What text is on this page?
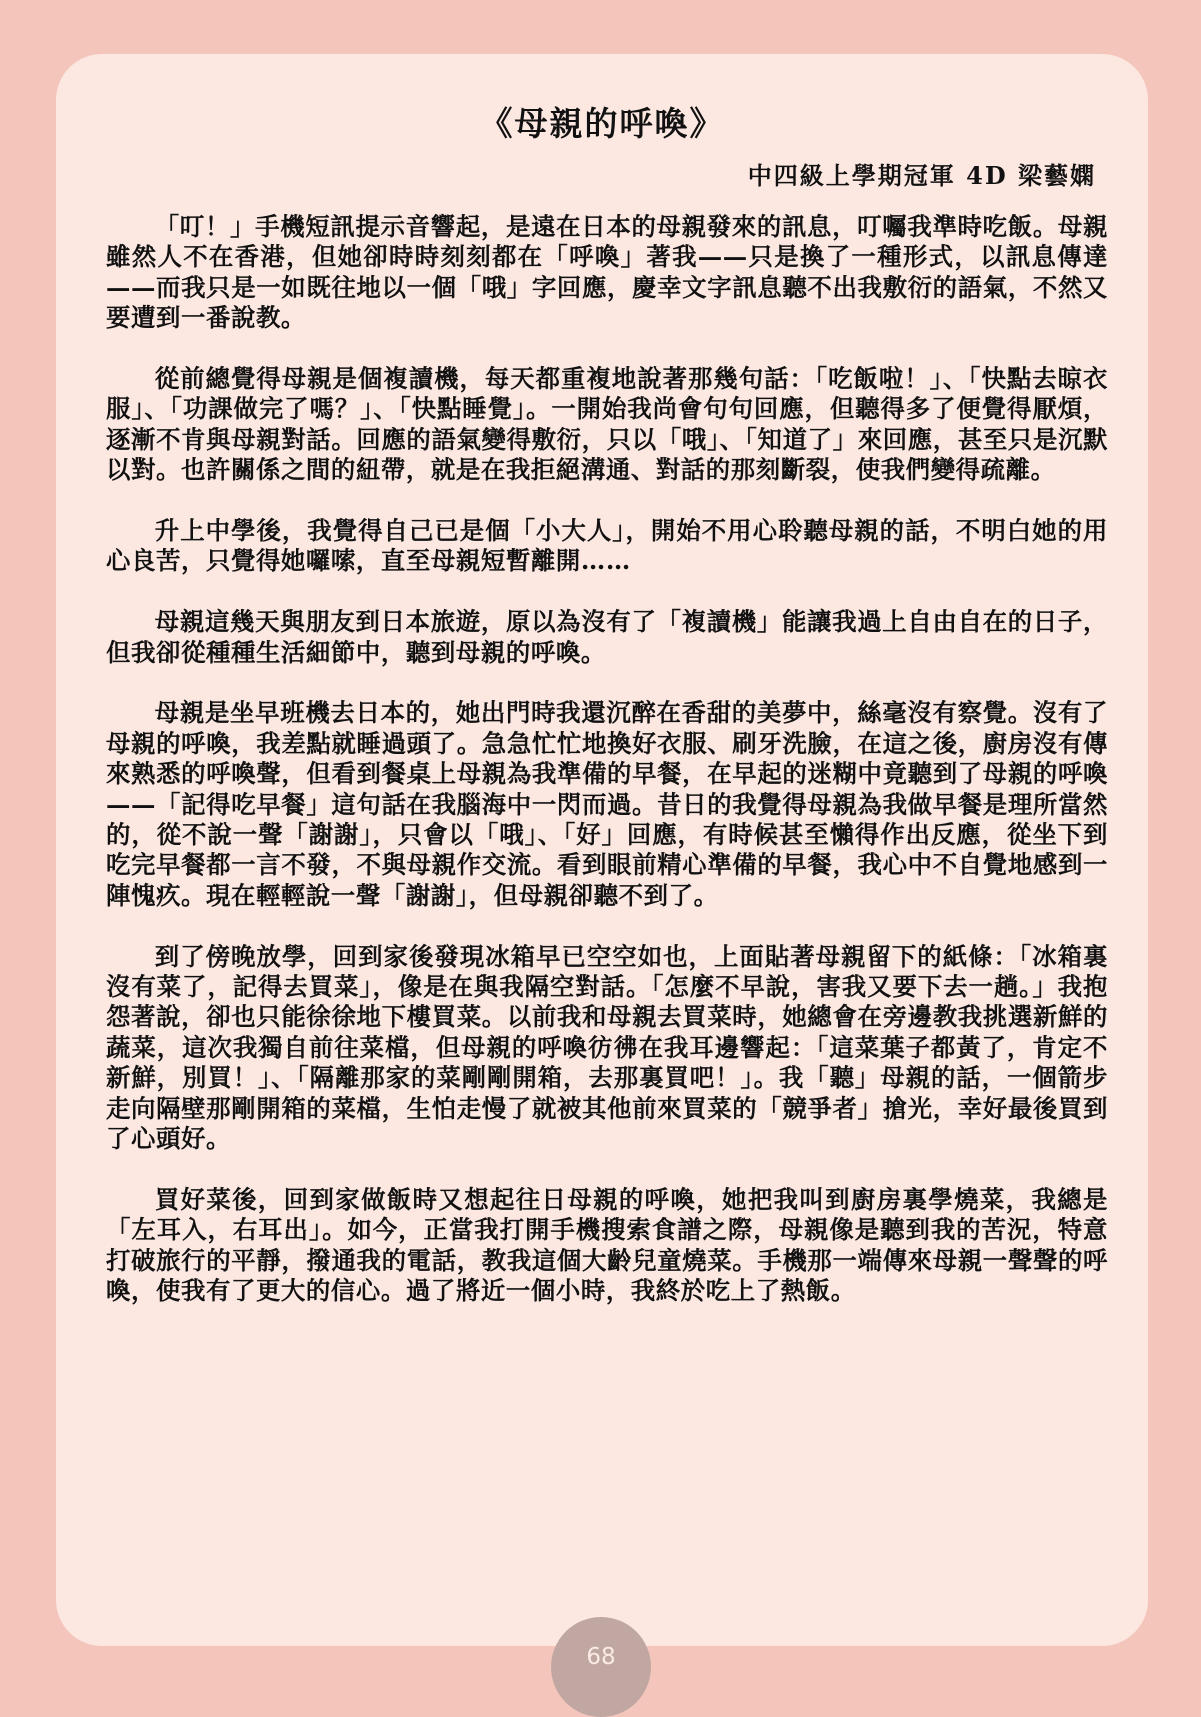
《母親的呼喚》
中四級上學期冠軍 4D 梁藝嫻

「叮！」手機短訊提示音響起，是遠在日本的母親發來的訊息，叮囑我準時吃飯。母親雖然人不在香港，但她卻時時刻刻都在「呼喚」著我——只是換了一種形式，以訊息傳達——而我只是一如既往地以一個「哦」字回應，慶幸文字訊息聽不出我敷衍的語氣，不然又要遭到一番說教。

從前總覺得母親是個複讀機，每天都重複地說著那幾句話：「吃飯啦！」、「快點去晾衣服」、「功課做完了嗎？」、「快點睡覺」。一開始我尚會句句回應，但聽得多了便覺得厭煩，逐漸不肯與母親對話。回應的語氣變得敷衍，只以「哦」、「知道了」來回應，甚至只是沉默以對。也許關係之間的紐帶，就是在我拒絕溝通、對話的那刻斷裂，使我們變得疏離。

升上中學後，我覺得自己已是個「小大人」，開始不用心聆聽母親的話，不明白她的用心良苦，只覺得她囉嗦，直至母親短暫離開……

母親這幾天與朋友到日本旅遊，原以為沒有了「複讀機」能讓我過上自由自在的日子，但我卻從種種生活細節中，聽到母親的呼喚。

母親是坐早班機去日本的，她出門時我還沉醉在香甜的美夢中，絲毫沒有察覺。沒有了母親的呼喚，我差點就睡過頭了。急急忙忙地換好衣服、刷牙洗臉，在這之後，廚房沒有傳來熟悉的呼喚聲，但看到餐桌上母親為我準備的早餐，在早起的迷糊中竟聽到了母親的呼喚——「記得吃早餐」這句話在我腦海中一閃而過。昔日的我覺得母親為我做早餐是理所當然的，從不說一聲「謝謝」，只會以「哦」、「好」回應，有時候甚至懶得作出反應，從坐下到吃完早餐都一言不發，不與母親作交流。看到眼前精心準備的早餐，我心中不自覺地感到一陣愧疚。現在輕輕說一聲「謝謝」，但母親卻聽不到了。

到了傍晚放學，回到家後發現冰箱早已空空如也，上面貼著母親留下的紙條：「冰箱裏沒有菜了，記得去買菜」，像是在與我隔空對話。「怎麼不早說，害我又要下去一趟。」我抱怨著說，卻也只能徐徐地下樓買菜。以前我和母親去買菜時，她總會在旁邊教我挑選新鮮的蔬菜，這次我獨自前往菜檔，但母親的呼喚彷彿在我耳邊響起：「這菜葉子都黃了，肯定不新鮮，別買！」、「隔離那家的菜剛剛開箱，去那裏買吧！」。我「聽」母親的話，一個箭步走向隔壁那剛開箱的菜檔，生怕走慢了就被其他前來買菜的「競爭者」搶光，幸好最後買到了心頭好。

買好菜後，回到家做飯時又想起往日母親的呼喚，她把我叫到廚房裏學燒菜，我總是「左耳入，右耳出」。如今，正當我打開手機搜索食譜之際，母親像是聽到我的苦況，特意打破旅行的平靜，撥通我的電話，教我這個大齡兒童燒菜。手機那一端傳來母親一聲聲的呼喚，使我有了更大的信心。過了將近一個小時，我終於吃上了熱飯。

68
